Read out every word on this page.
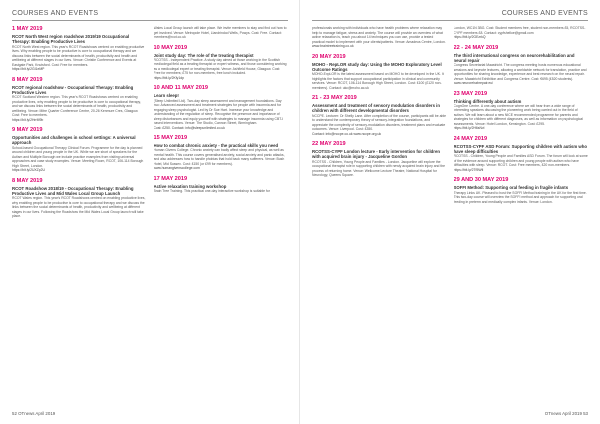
COURSES AND EVENTS
1 MAY 2019
RCOT North West region roadshow 2019/19 Occupational Therapy: Enabling Productive Lives
RCOT North West region. This year's RCOT Roadshows centred on enabling productive lives. Why enabling people to be productive is core to occupational therapy and we discuss links between the social determinants of health, productivity and health and wellbeing at different stages in our lives. Venue: Christie Conference and Events at Eastgate Park, Knutsford. Cost: Free for members.
https://bit.ly/2GI1eMP
8 MAY 2019
RCOT regional roadshow - Occupational Therapy: Enabling Productive Lives
RCOT Scotland Western region. This year's RCOT Roadshows centred on enabling productive lives, why enabling people to be productive is core to occupational therapy, and we discuss links between the social determinants of health, productivity and wellbeing. Venue: Mitre Quarter Conference Centre, 20-26 Kenmure Cres, Glasgow. Cost: Free to members.
https://bit.ly/2HrrM9b
9 MAY 2019
Opportunities and challenges in school settings: A universal approach
School-based Occupational Therapy Clinical Forum. Programme for the day is planned around children and young people in the UK. While we are short of speakers for the Autism and Multiple Borough we include practice examples from visiting universal approaches and case study examples. Venue: Meeting Room, RCOT, 106-114 Borough High Street, London.
https://bit.ly/2UXZp2U
8 MAY 2019
RCOT Roadshow 2018/19 - Occupational Therapy: Enabling Productive Lives and Mid Wales Local Group Launch
RCOT Wales region. This year's RCOT Roadshows centred on enabling productive lives, why enabling people to be productive is core to occupational therapy and we discuss the links between the social determinants of health, productivity and wellbeing at different stages in our lives. Following the Roadshow the Mid Wales Local Group launch will take place.
Wales Local Group launch will take place. We invite members to stay and find out how to get involved. Venue: Metropole Hotel, Llandrindod Wells, Powys. Cost: Free. Contact: members@rcot.co.uk
10 MAY 2019
Joint study day: The role of the treating therapist
RCOTSS - Independent Practice. A study day aimed at those working in the Scottish medicolegal field as a treating therapist or expert witness, and those considering working as a medicolegal expert or treating therapist. Venue: Ashfield House, Glasgow. Cost: Free for members; £75 for non-members, free lunch included.
https://bit.ly/2Kfy1dp
10 AND 11 MAY 2019
Learn sleep!
(Sleep Unlimited Ltd). Two-day sleep assessment and management foundations. Day two: Advanced assessment and treatment strategies for people with insomnia and for engaging sleep psychologist. Led by Dr Sue Hart. Increase your knowledge and understanding of the regulation of sleep. Recognise the presence and importance of sleep disturbances and equip yourself with strategies to manage insomnia using CBT-I based interventions. Venue: The Studio, Cannon Street, Birmingham.
Cost: £250. Contact: info@sleepunlimited.co.uk
15 MAY 2019
How to combat chronic anxiety - the practical skills you need
Human Givens College. Chronic anxiety can badly affect sleep and physical, as well as mental health. This course covers generalised anxiety, social anxiety and panic attacks, and also addresses how to handle phobias that hold back many sufferers. Venue: Bush Hotel, Mid Sussex. Cost: £150 (or £99 for members).
www.humangivenscollege.com
17 MAY 2019
Active relaxation training workshop
Brain Tree Training. This practical one-day interactive workshop is suitable for
52 OTnews April 2019
COURSES AND EVENTS
professionals working with individuals who have health problems where relaxation may help to manage fatigue, stress and anxiety. The course will provide an overview of what active relaxation is, teach you about 14 techniques you can use, provide a tested practical model to implement with your clients/patients. Venue: Amadeus Centre, London.
www.braintreetraining.co.uk
20 MAY 2019
MOHO - RepLOR study day: Using the MOHO Exploratory Level Outcome Ratings
MOHO-ExpLOR is the latest assessment based on MOHO to be developed in the UK. It highlights the factors that support occupational participation in clinical and community services. Venue: RCOT, 106-114 Borough High Street, London. Cost: £100 (£120 non-members). Contact: ukc@moho.ac.uk
21 - 23 MAY 2019
Assessment and treatment of sensory modulation disorders in children with different developmental disorders
NCCPE. Lecturer: Dr Shelly Lane. After completion of the course, participants will be able to understand the contemporary theory of sensory-integration foundations, and appreciate the complexity of sensory-modulation disorders, treatment plans and evaluate outcomes. Venue: Liverpool. Cost: £350.
Contact: info@nccpe.co.uk www.nccpe.org.uk
22 MAY 2019
RCOTSS-CYPF London lecture - Early intervention for children with acquired brain injury - Jacqueline Gordon
RCOTSS - Children, Young People and Families - London. Jacqueline will explore the occupational therapist role in supporting children with newly acquired brain injury and the process of returning home. Venue: Wellcome Lecture Theatre, National Hospital for Neurology, Queens Square.
London, WC1N 3BG. Cost: Student members free, student non-members £5, RCOTSS-CYPF members £8. Contact: cypfshelloe@gmail.com
https://bit.ly/2GEzrkQ
22 - 24 MAY 2019
The third international congress on neurorehabilitation and neural repair
Congress Secretariat Maastricht. The congress meeting hosts numerous educational sessions and keynote lectures, allowing a worldwide network for translation, practice and opportunities for sharing knowledge, experience and best research on the neural repair. Venue: Maastricht Exhibition and Congress Centre. Cost: €695 (£520 students).
www.neurorehabrepair.eu/
23 MAY 2019
Thinking differently about autism
CognOne Centre. A one-day conference where we will hear from a wide range of interesting speakers discussing the pioneering work being carried out in the field of autism. We will learn about a new NICE recommended programme for parents and strategies for children with different diagnoses, as well as information on psychological assessments. Venue: Hotel London, Kensington. Cost: £295.
https://bit.ly/2H6sNvl
24 MAY 2019
RCOTSS-CYPF ASD Forum: Supporting children with autism who have sleep difficulties
RCOTSS - Children, Young People and Families ASD Forum. The forum will look at some of the evidence around supporting children and young people with autism who have difficulties with sleep. Venue: RCOT. Cost: Free members, £20 non-members.
https://bit.ly/2Tf5Wtl
29 AND 30 MAY 2019
SOFFI Method: Supporting oral feeding in fragile infants
Therapy Links UK. Pleased to host the SOFFI Method training in the UK for the first time. This two-day course will overview the SOFFI method and approach for supporting oral feeding in preterm and medically complex infants. Venue: London.
OTnews April 2019 53
